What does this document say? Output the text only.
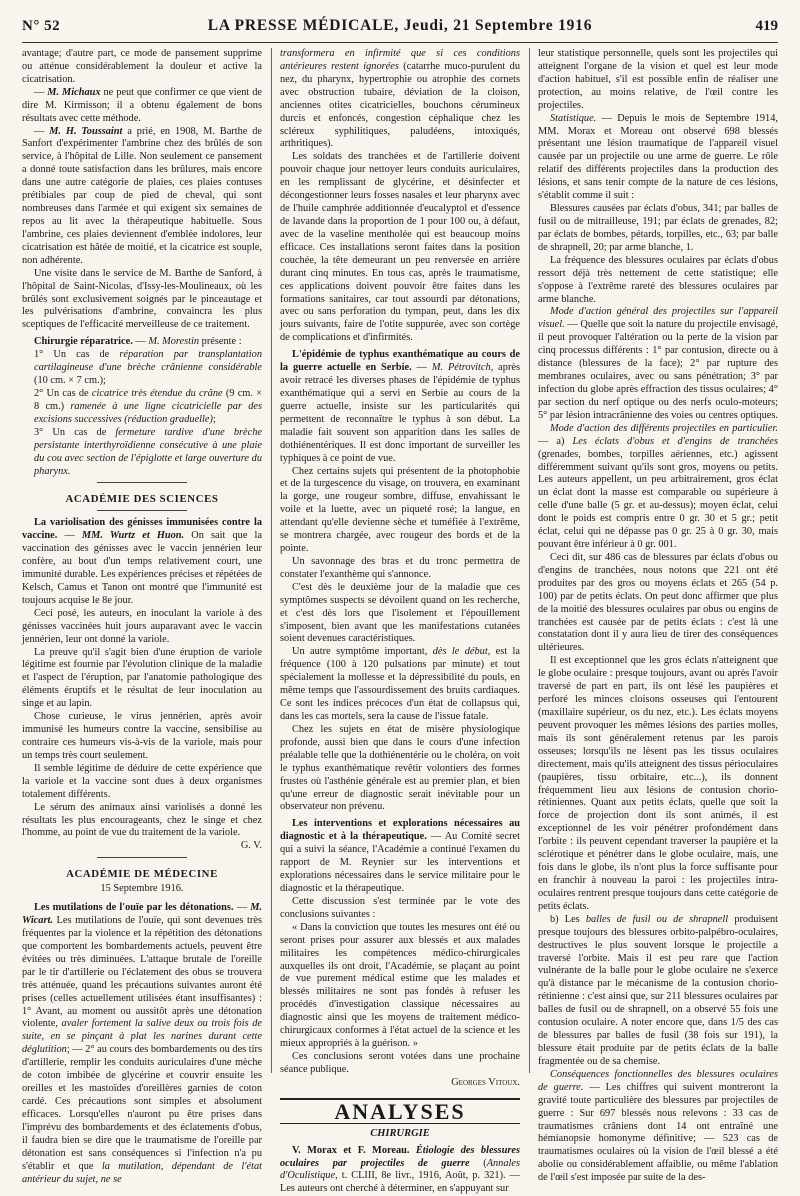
N° 52	LA PRESSE MÉDICALE, Jeudi, 21 Septembre 1916	419

avantage; d'autre part, ce mode de pansement supprime ou atténue considérablement la douleur et active la cicatrisation.

— M. Michaux ne peut que confirmer ce que vient de dire M. Kirmisson; il a obtenu également de bons résultats avec cette méthode.

— M. H. Toussaint a prié, en 1908, M. Barthe de Sanfort d'expérimenter l'ambrine chez des brûlés de son service, à l'hôpital de Lille. Non seulement ce pansement a donné toute satisfaction dans les brûlures, mais encore dans une autre catégorie de plaies, ces plaies contuses prétibiales par coup de pied de cheval, qui sont nombreuses dans l'armée et qui exigent six semaines de repos au lit avec la thérapeutique habituelle. Sous l'ambrine, ces plaies deviennent d'emblée indolores, leur cicatrisation est hâtée de moitié, et la cicatrice est souple, non adhérente.

Une visite dans le service de M. Barthe de Sanford, à l'hôpital de Saint-Nicolas, d'Issy-les-Moulineaux, où les brûlés sont exclusivement soignés par le pinceautage et les pulvérisations d'ambrine, convaincra les plus sceptiques de l'efficacité merveilleuse de ce traitement.

Chirurgie réparatrice. — M. Morestin présente :

1° Un cas de réparation par transplantation cartilagineuse d'une brèche crânienne considérable (10 cm. × 7 cm.);

2° Un cas de cicatrice très étendue du crâne (9 cm. × 8 cm.) ramenée à une ligne cicatricielle par des excisions successives (réduction graduelle);

3° Un cas de fermeture tardive d'une brèche persistante interthyroïdienne consécutive à une plaie du cou avec section de l'épiglotte et large ouverture du pharynx.

ACADÉMIE DES SCIENCES

La variolisation des génisses immunisées contre la vaccine. — MM. Wurtz et Huon. On sait que la vaccination des génisses avec le vaccin jennérien leur confère, au bout d'un temps relativement court, une immunité durable. Les expériences précises et répétées de Kelsch, Camus et Tanon ont montré que l'immunité est toujours acquise le 8e jour.

Ceci posé, les auteurs, en inoculant la variole à des génisses vaccinées huit jours auparavant avec le vaccin jennérien, leur ont donné la variole.

La preuve qu'il s'agit bien d'une éruption de variole légitime est fournie par l'évolution clinique de la maladie et l'aspect de l'éruption, par l'anatomie pathologique des éléments éruptifs et le résultat de leur inoculation au singe et au lapin.

Chose curieuse, le virus jennérien, après avoir immunisé les humeurs contre la vaccine, sensibilise au contraire ces humeurs vis-à-vis de la variole, mais pour un temps très court seulement.

Il semble légitime de déduire de cette expérience que la variole et la vaccine sont dues à deux organismes totalement différents.

Le sérum des animaux ainsi variolisés a donné les résultats les plus encourageants, chez le singe et chez l'homme, au point de vue du traitement de la variole.

G. V.

ACADÉMIE DE MÉDECINE
15 Septembre 1916.

Les mutilations de l'ouïe par les détonations. — M. Wicart. Les mutilations de l'ouïe, qui sont devenues très fréquentes par la violence et la répétition des détonations que comportent les bombardements actuels, peuvent être évitées ou très diminuées. L'attaque brutale de l'oreille par le tir d'artillerie ou l'éclatement des obus se trouvera très atténuée, quand les précautions suivantes auront été prises (celles actuellement utilisées étant insuffisantes) : 1° Avant, au moment ou aussitôt après une détonation violente, avaler fortement la salive deux ou trois fois de suite, en se pinçant à plat les narines durant cette déglutition; — 2° au cours des bombardements ou des tirs d'artillerie, remplir les conduits auriculaires d'une mèche de coton imbibée de glycérine et couvrir ensuite les oreilles et les mastoïdes d'oreillères garnies de coton cardé. Ces précautions sont simples et absolument efficaces. Lorsqu'elles n'auront pu être prises dans l'imprévu des bombardements et des éclatements d'obus, il faudra bien se dire que le traumatisme de l'oreille par détonation est sans conséquences si l'infection n'a pu s'établir et que la mutilation, dépendant de l'état antérieur du sujet, ne se

transformera en infirmité que si ces conditions antérieures restent ignorées (catarrhe muco-purulent du nez, du pharynx, hypertrophie ou atrophie des cornets avec obstruction tubaire, déviation de la cloison, anciennes otites cicatricielles, bouchons cérumineux durcis et enfoncés, congestion céphalique chez les scléreux syphilitiques, paludéens, intoxiqués, arthritiques).

Les soldats des tranchées et de l'artillerie doivent pouvoir chaque jour nettoyer leurs conduits auriculaires, en les remplissant de glycérine, et désinfecter et décongestionner leurs fosses nasales et leur pharynx avec de l'huile camphrée additionnée d'eucalyptol et d'essence de lavande dans la proportion de 1 pour 100 ou, à défaut, avec de la vaseline mentholée qui est beaucoup moins efficace. Ces installations seront faites dans la position couchée, la tête demeurant un peu renversée en arrière durant cinq minutes. En tous cas, après le traumatisme, ces applications doivent pouvoir être faites dans les formations sanitaires, car tout assourdi par détonations, avec ou sans perforation du tympan, peut, dans les dix jours suivants, faire de l'otite suppurée, avec son cortège de complications et d'infirmités.

L'épidémie de typhus exanthématique au cours de la guerre actuelle en Serbie. — M. Pétrovitch, après avoir retracé les diverses phases de l'épidémie de typhus exanthématique qui a servi en Serbie au cours de la guerre actuelle, insiste sur les particularités qui permettent de reconnaître le typhus à son début. La maladie fait souvent son apparition dans les salles de dothiénentériques. Il est donc important de surveiller les typhiques à ce point de vue.

Chez certains sujets qui présentent de la photophobie et de la turgescence du visage, on trouvera, en examinant la gorge, une rougeur sombre, diffuse, envahissant le voile et la luette, avec un piqueté rosé; la langue, en attendant qu'elle devienne sèche et tuméfiée à l'extrême, se montrera chargée, avec rougeur des bords et de la pointe.

Un savonnage des bras et du tronc permettra de constater l'exanthème qui s'annonce.

C'est dès le deuxième jour de la maladie que ces symptômes suspects se dévoilent quand on les recherche, et c'est dès lors que l'isolement et l'épouillement s'imposent, bien avant que les manifestations cutanées soient devenues caractéristiques.

Un autre symptôme important, dès le début, est la fréquence (100 à 120 pulsations par minute) et tout spécialement la mollesse et la dépressibilité du pouls, en même temps que l'assourdissement des bruits cardiaques. Ce sont les indices précoces d'un état de collapsus qui, dans les cas mortels, sera la cause de l'issue fatale.

Chez les sujets en état de misère physiologique profonde, aussi bien que dans le cours d'une infection préalable telle que la dothiénentérie ou le choléra, on voit le typhus exanthématique revêtir volontiers des formes frustes où l'asthénie générale est au premier plan, et bien qu'une erreur de diagnostic serait inévitable pour un observateur non prévenu.

Les interventions et explorations nécessaires au diagnostic et à la thérapeutique. — Au Comité secret qui a suivi la séance, l'Académie a continué l'examen du rapport de M. Reynier sur les interventions et explorations nécessaires dans le service militaire pour le diagnostic et la thérapeutique.

Cette discussion s'est terminée par le vote des conclusions suivantes :

« Dans la conviction que toutes les mesures ont été ou seront prises pour assurer aux blessés et aux malades militaires les compétences médico-chirurgicales auxquelles ils ont droit, l'Académie, se plaçant au point de vue purement médical estime que les malades et blessés militaires ne sont pas fondés à refuser les procédés d'investigation classique nécessaires au diagnostic ainsi que les moyens de traitement médico-chirurgicaux conformes à l'état actuel de la science et les mieux appropriés à la guérison. »

Ces conclusions seront votées dans une prochaine séance publique.

Georges Vitoux.

ANALYSES
CHIRURGIE

V. Morax et F. Moreau. Étiologie des blessures oculaires par projectiles de guerre (Annales d'Oculistique, t. CLIII, 8e livr., 1916, Août, p. 321). — Les auteurs ont cherché à déterminer, en s'appuyant sur

leur statistique personnelle, quels sont les projectiles qui atteignent l'organe de la vision et quel est leur mode d'action habituel, s'il est possible enfin de réaliser une protection, au moins relative, de l'œil contre les projectiles.

Statistique. — Depuis le mois de Septembre 1914, MM. Morax et Moreau ont observé 698 blessés présentant une lésion traumatique de l'appareil visuel causée par un projectile ou une arme de guerre. Le rôle relatif des différents projectiles dans la production des lésions, et sans tenir compte de la nature de ces lésions, s'établit comme il suit :

Blessures causées par éclats d'obus, 341; par balles de fusil ou de mitrailleuse, 191; par éclats de grenades, 82; par éclats de bombes, pétards, torpilles, etc., 63; par balle de shrapnell, 20; par arme blanche, 1.

La fréquence des blessures oculaires par éclats d'obus ressort déjà très nettement de cette statistique; elle s'oppose à l'extrême rareté des blessures oculaires par arme blanche.

Mode d'action général des projectiles sur l'appareil visuel. — Quelle que soit la nature du projectile envisagé, il peut provoquer l'altération ou la perte de la vision par cinq processus différents : 1° par contusion, directe ou à distance (blessures de la face); 2° par rupture des membranes oculaires, avec ou sans pénétration; 3° par infection du globe après effraction des tissus oculaires; 4° par section du nerf optique ou des nerfs oculo-moteurs; 5° par lésion intracrânienne des voies ou centres optiques.

Mode d'action des différents projectiles en particulier. — a) Les éclats d'obus et d'engins de tranchées (grenades, bombes, torpilles aériennes, etc.) agissent différemment suivant qu'ils sont gros, moyens ou petits. Les auteurs appellent, un peu arbitrairement, gros éclat un éclat dont la masse est comparable ou supérieure à celle d'une balle (5 gr. et au-dessus); moyen éclat, celui dont le poids est compris entre 0 gr. 30 et 5 gr.; petit éclat, celui qui ne dépasse pas 0 gr. 25 à 0 gr. 30, mais pouvant être inférieur à 0 gr. 001.

Ceci dit, sur 486 cas de blessures par éclats d'obus ou d'engins de tranchées, nous notons que 221 ont été produites par des gros ou moyens éclats et 265 (54 p. 100) par de petits éclats. On peut donc affirmer que plus de la moitié des blessures oculaires par obus ou engins de tranchées est causée par de petits éclats : c'est là une constatation dont il y aura lieu de tirer des conséquences ultérieures.

Il est exceptionnel que les gros éclats n'atteignent que le globe oculaire : presque toujours, avant ou après l'avoir traversé de part en part, ils ont lésé les paupières et perforé les minces cloisons osseuses qui l'entourent (maxillaire supérieur, os du nez, etc.). Les éclats moyens peuvent provoquer les mêmes lésions des parties molles, mais ils sont généralement retenus par les parois osseuses; lorsqu'ils ne lèsent pas les tissus oculaires directement, mais qu'ils atteignent des tissus périoculaires (paupières, tissu orbitaire, etc...), ils donnent fréquemment lieu aux lésions de contusion chorio-rétiniennes. Quant aux petits éclats, quelle que soit la force de projection dont ils sont animés, il est exceptionnel de les voir pénétrer profondément dans l'orbite : ils peuvent cependant traverser la paupière et la sclérotique et pénétrer dans le globe oculaire, mais, une fois dans le globe, ils n'ont plus la force suffisante pour en franchir à nouveau la paroi : les projectiles intra-oculaires rentrent presque toujours dans cette catégorie de petits éclats.

b) Les balles de fusil ou de shrapnell produisent presque toujours des blessures orbito-palpébro-oculaires, destructives le plus souvent lorsque le projectile a traversé l'orbite. Mais il est peu rare que l'action vulnérante de la balle pour le globe oculaire ne s'exerce qu'à distance par le mécanisme de la contusion chorio-rétinienne : c'est ainsi que, sur 211 blessures oculaires par balles de fusil ou de shrapnell, on a observé 55 fois une contusion oculaire. A noter encore que, dans 1/5 des cas de blessures par balles de fusil (38 fois sur 191), la blessure était produite par de petits éclats de la balle fragmentée ou de sa chemise.

Conséquences fonctionnelles des blessures oculaires de guerre. — Les chiffres qui suivent montreront la gravité toute particulière des blessures par projectiles de guerre : Sur 697 blessés nous relevons : 33 cas de traumatismes crâniens dont 14 ont entraîné une hémianopsie homonyme définitive; — 523 cas de traumatismes oculaires où la vision de l'œil blessé a été abolie ou considérablement affaiblie, ou même l'ablation de l'œil s'est imposée par suite de la des-
